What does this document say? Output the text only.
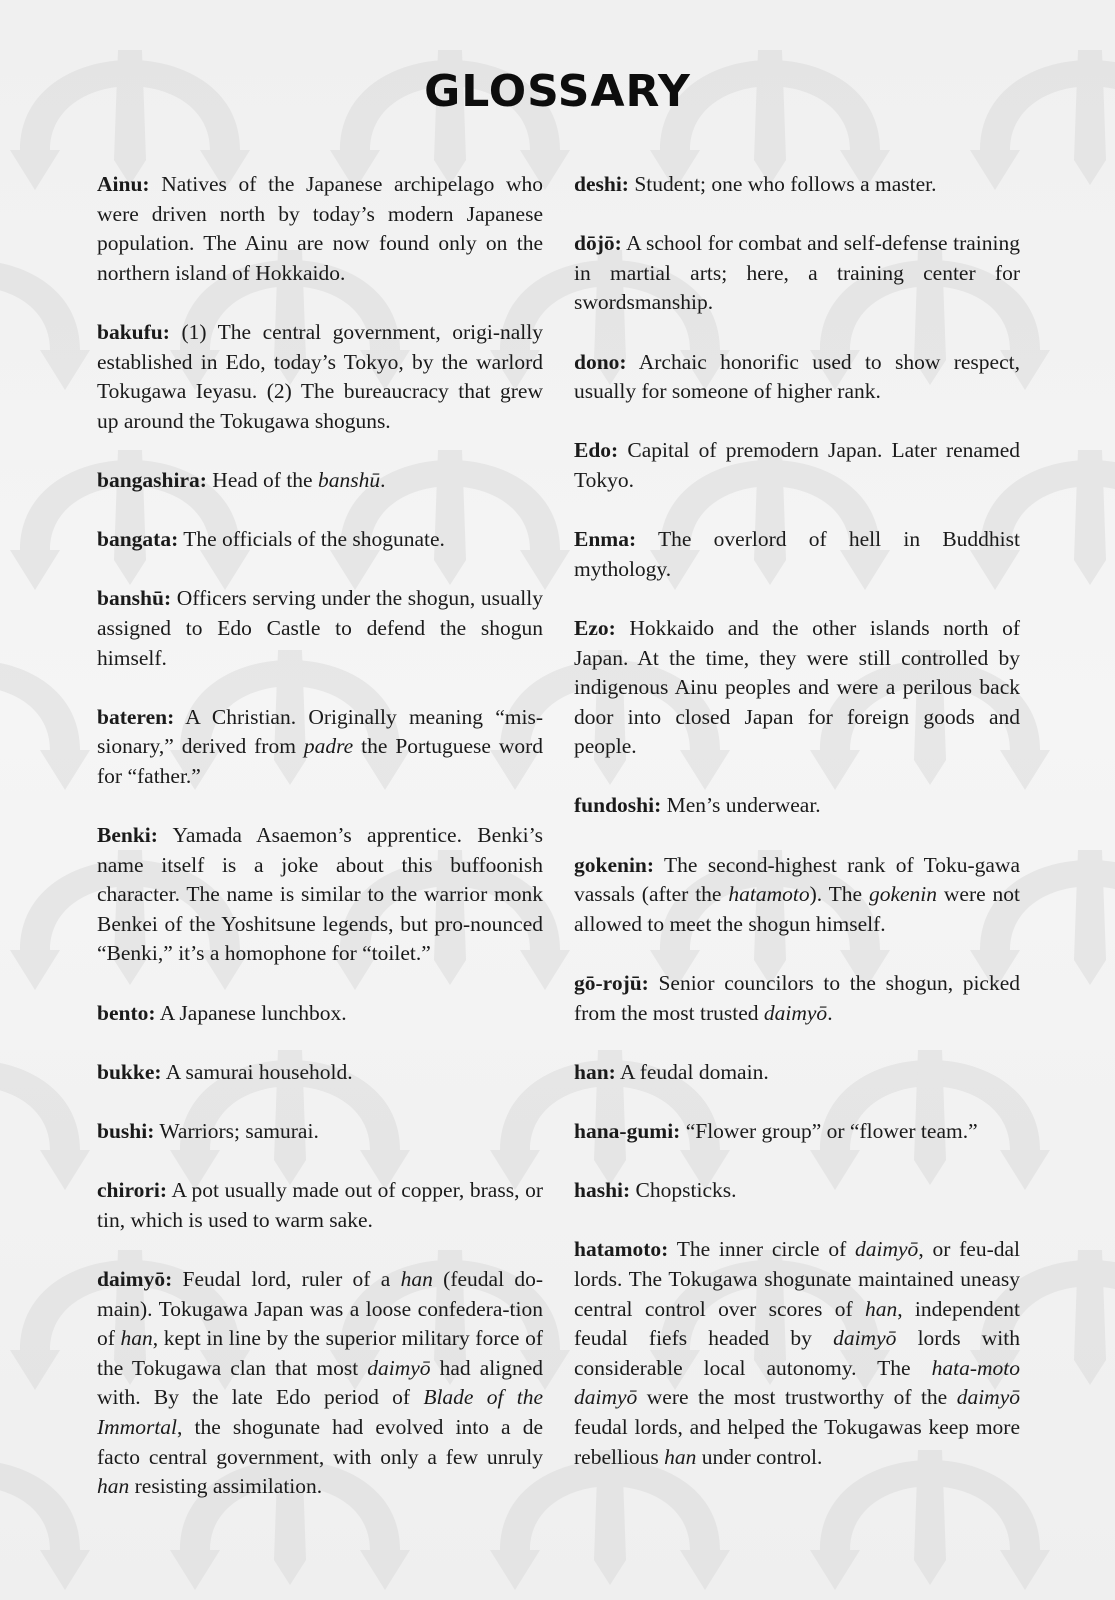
GLOSSARY

Ainu: Natives of the Japanese archipelago who were driven north by today’s modern Japanese population. The Ainu are now found only on the northern island of Hokkaido.

bakufu: (1) The central government, origi-nally established in Edo, today’s Tokyo, by the warlord Tokugawa Ieyasu. (2) The bureaucracy that grew up around the Tokugawa shoguns.

bangashira: Head of the banshū.

bangata: The officials of the shogunate.

banshū: Officers serving under the shogun, usually assigned to Edo Castle to defend the shogun himself.

bateren: A Christian. Originally meaning “mis-sionary,” derived from padre the Portuguese word for “father.”

Benki: Yamada Asaemon’s apprentice. Benki’s name itself is a joke about this buffoonish character. The name is similar to the warrior monk Benkei of the Yoshitsune legends, but pro-nounced “Benki,” it’s a homophone for “toilet.”

bento: A Japanese lunchbox.

bukke: A samurai household.

bushi: Warriors; samurai.

chirori: A pot usually made out of copper, brass, or tin, which is used to warm sake.

daimyō: Feudal lord, ruler of a han (feudal do-main). Tokugawa Japan was a loose confedera-tion of han, kept in line by the superior military force of the Tokugawa clan that most daimyō had aligned with. By the late Edo period of Blade of the Immortal, the shogunate had evolved into a de facto central government, with only a few unruly han resisting assimilation.

deshi: Student; one who follows a master.

dōjō: A school for combat and self-defense training in martial arts; here, a training center for swordsmanship.

dono: Archaic honorific used to show respect, usually for someone of higher rank.

Edo: Capital of premodern Japan. Later renamed Tokyo.

Enma: The overlord of hell in Buddhist mythology.

Ezo: Hokkaido and the other islands north of Japan. At the time, they were still controlled by indigenous Ainu peoples and were a perilous back door into closed Japan for foreign goods and people.

fundoshi: Men’s underwear.

gokenin: The second-highest rank of Toku-gawa vassals (after the hatamoto). The gokenin were not allowed to meet the shogun himself.

gō-rojū: Senior councilors to the shogun, picked from the most trusted daimyō.

han: A feudal domain.

hana-gumi: “Flower group” or “flower team.”

hashi: Chopsticks.

hatamoto: The inner circle of daimyō, or feu-dal lords. The Tokugawa shogunate maintained uneasy central control over scores of han, independent feudal fiefs headed by daimyō lords with considerable local autonomy. The hata-moto daimyō were the most trustworthy of the daimyō feudal lords, and helped the Tokugawas keep more rebellious han under control.
